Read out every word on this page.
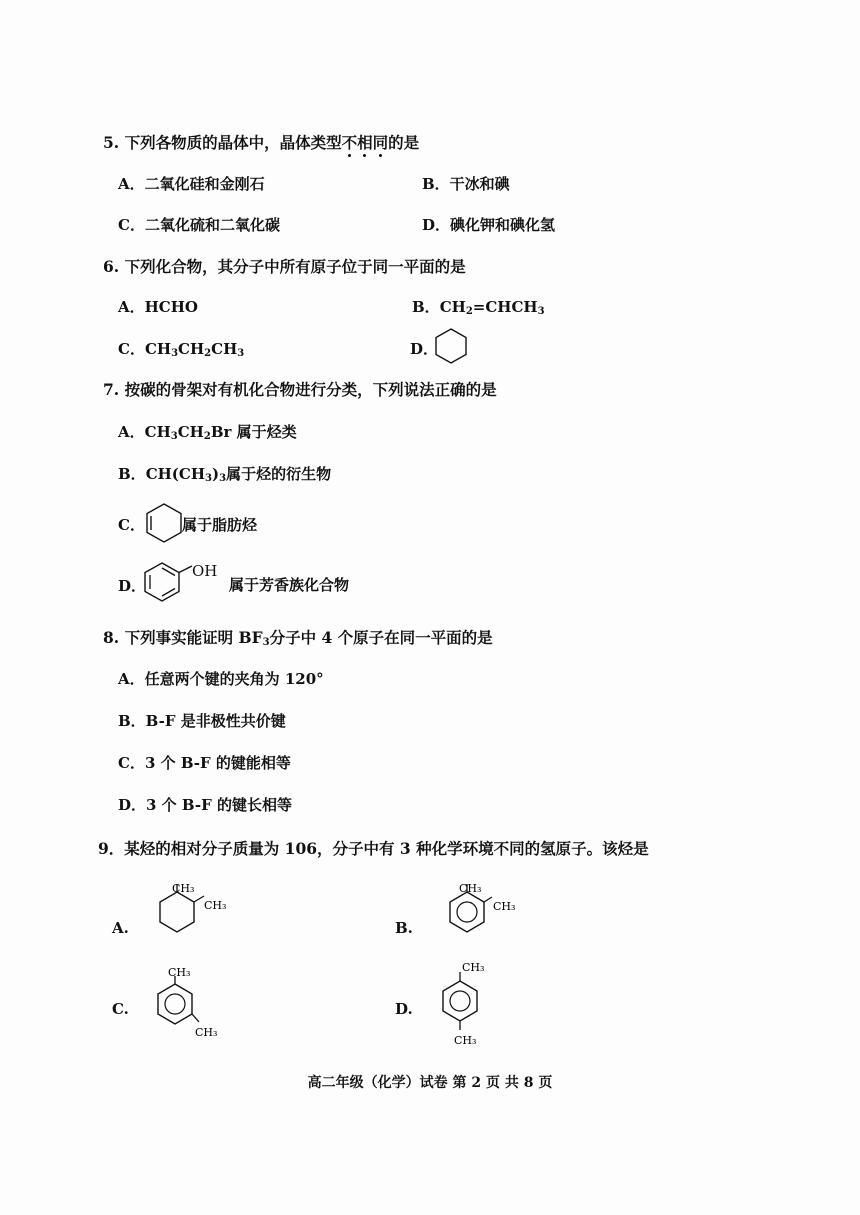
5. 下列各物质的晶体中，晶体类型不相同的是
A．二氧化硅和金刚石	B．干冰和碘
C．二氧化硫和二氧化碳	D．碘化钾和碘化氢
6. 下列化合物，其分子中所有原子位于同一平面的是
A．HCHO	B．$CH_2=CHCH_3$
C．$CH_3CH_2CH_3$	D．
7. 按碳的骨架对有机化合物进行分类，下列说法正确的是
A．$CH_3CH_2Br$ 属于烃类
B．$CH(CH_3)_3$属于烃的衍生物
C． 属于脂肪烃
D．
OH
属于芳香族化合物
8. 下列事实能证明 $BF_3$分子中 4 个原子在同一平面的是
A．任意两个键的夹角为 120°
B．B-F 是非极性共价键
C．3 个 B-F 的键能相等
D．3 个 B-F 的键长相等
9．某烃的相对分子质量为 106，分子中有 3 种化学环境不同的氢原子。该烃是
A.
CH₃
CH₃
B.
CH₃
CH₃
C.
CH₃
CH₃
D.
CH₃
CH₃
高二年级（化学）试卷 第 2 页 共 8 页
